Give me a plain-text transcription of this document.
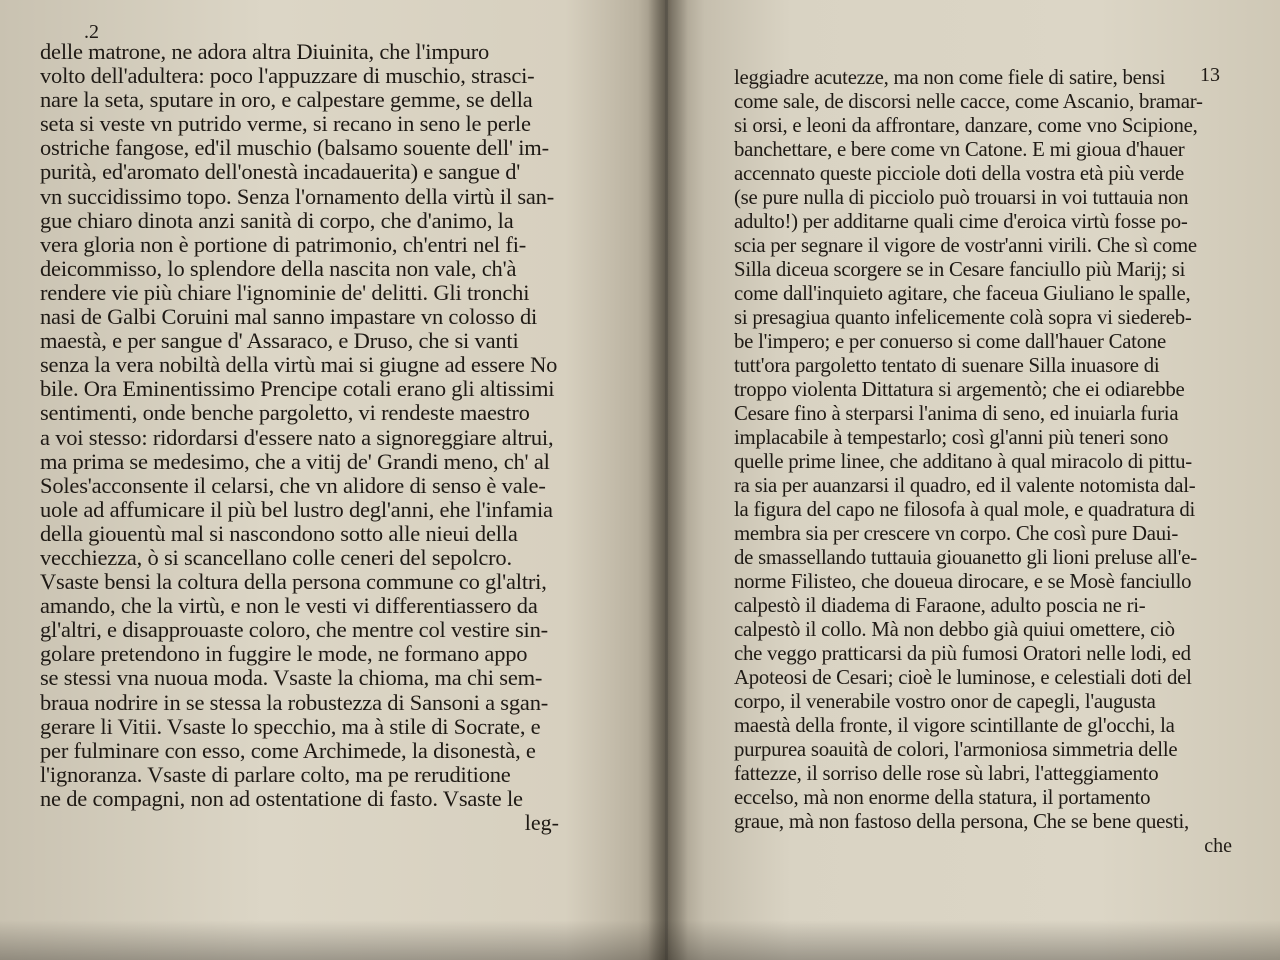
.2
delle matrone, ne adora altra Diuinita, che l'impuro
volto dell'adultera: poco l'appuzzare di muschio, strasci-
nare la seta, sputare in oro, e calpestare gemme, se della
seta si veste vn putrido verme, si recano in seno le perle
ostriche fangose, ed'il muschio (balsamo souente dell' im-
purità, ed'aromato dell'onestà incadauerita) e sangue d'
vn succidissimo topo. Senza l'ornamento della virtù il san-
gue chiaro dinota anzi sanità di corpo, che d'animo, la
vera gloria non è portione di patrimonio, ch'entri nel fi-
deicommisso, lo splendore della nascita non vale, ch'à
rendere vie più chiare l'ignominie de' delitti. Gli tronchi
nasi de Galbi Coruini mal sanno impastare vn colosso di
maestà, e per sangue d' Assaraco, e Druso, che si vanti
senza la vera nobiltà della virtù mai si giugne ad essere No
bile. Ora Eminentissimo Prencipe cotali erano gli altissimi
sentimenti, onde benche pargoletto, vi rendeste maestro
a voi stesso: ridordarsi d'essere nato a signoreggiare altrui,
ma prima se medesimo, che a vitij de' Grandi meno, ch' al
Soles'acconsente il celarsi, che vn alidore di senso è vale-
uole ad affumicare il più bel lustro degl'anni, ehe l'infamia
della giouentù mal si nascondono sotto alle nieui della
vecchiezza, ò si scancellano colle ceneri del sepolcro.
Vsaste bensi la coltura della persona commune co gl'altri,
amando, che la virtù, e non le vesti vi differentiassero da
gl'altri, e disapprouaste coloro, che mentre col vestire sin-
golare pretendono in fuggire le mode, ne formano appo
se stessi vna nuoua moda. Vsaste la chioma, ma chi sem-
braua nodrire in se stessa la robustezza di Sansoni a sgan-
gerare li Vitii. Vsaste lo specchio, ma à stile di Socrate, e
per fulminare con esso, come Archimede, la disonestà, e
l'ignoranza. Vsaste di parlare colto, ma pe reruditione
ne de compagni, non ad ostentatione di fasto. Vsaste le
leg-
13
leggiadre acutezze, ma non come fiele di satire, bensi
come sale, de discorsi nelle cacce, come Ascanio, bramar-
si orsi, e leoni da affrontare, danzare, come vno Scipione,
banchettare, e bere come vn Catone. E mi gioua d'hauer
accennato queste picciole doti della vostra età più verde
(se pure nulla di picciolo può trouarsi in voi tuttauia non
adulto!) per additarne quali cime d'eroica virtù fosse po-
scia per segnare il vigore de vostr'anni virili. Che sì come
Silla diceua scorgere se in Cesare fanciullo più Marij; si
come dall'inquieto agitare, che faceua Giuliano le spalle,
si presagiua quanto infelicemente colà sopra vi siedereb-
be l'impero; e per conuerso si come dall'hauer Catone
tutt'ora pargoletto tentato di suenare Silla inuasore di
troppo violenta Dittatura si argementò; che ei odiarebbe
Cesare fino à sterparsi l'anima di seno, ed inuiarla furia
implacabile à tempestarlo; così gl'anni più teneri sono
quelle prime linee, che additano à qual miracolo di pittu-
ra sia per auanzarsi il quadro, ed il valente notomista dal-
la figura del capo ne filosofa à qual mole, e quadratura di
membra sia per crescere vn corpo. Che così pure Daui-
de smassellando tuttauia giouanetto gli lioni preluse all'e-
norme Filisteo, che doueua dirocare, e se Mosè fanciullo
calpestò il diadema di Faraone, adulto poscia ne ri-
calpestò il collo. Mà non debbo già quiui omettere, ciò
che veggo pratticarsi da più fumosi Oratori nelle lodi, ed
Apoteosi de Cesari; cioè le luminose, e celestiali doti del
corpo, il venerabile vostro onor de capegli, l'augusta
maestà della fronte, il vigore scintillante de gl'occhi, la
purpurea soauità de colori, l'armoniosa simmetria delle
fattezze, il sorriso delle rose sù labri, l'atteggiamento
eccelso, mà non enorme della statura, il portamento
graue, mà non fastoso della persona, Che se bene questi,
che
